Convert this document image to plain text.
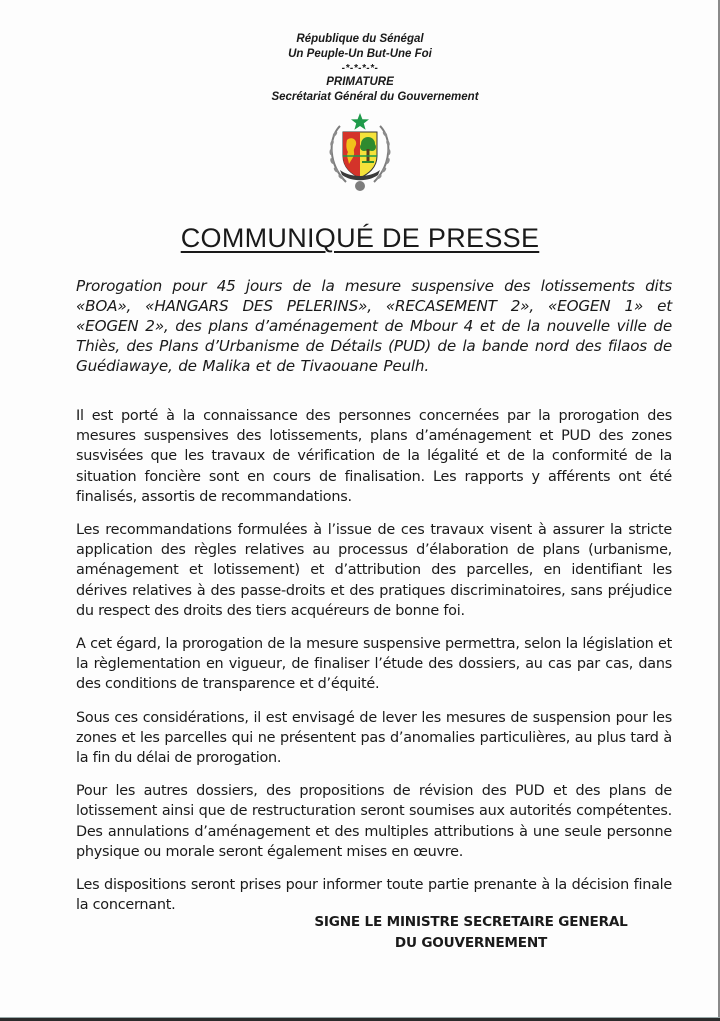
République du Sénégal
Un Peuple-Un But-Une Foi
-*-*-*-*-
PRIMATURE
Secrétariat Général du Gouvernement
COMMUNIQUÉ DE PRESSE
Prorogation pour 45 jours de la mesure suspensive des lotissements dits «BOA», «HANGARS DES PELERINS», «RECASEMENT 2», «EOGEN 1» et «EOGEN 2», des plans d’aménagement de Mbour 4 et de la nouvelle ville de Thiès, des Plans d’Urbanisme de Détails (PUD) de la bande nord des filaos de Guédiawaye, de Malika et de Tivaouane Peulh.

Il est porté à la connaissance des personnes concernées par la prorogation des mesures suspensives des lotissements, plans d’aménagement et PUD des zones susvisées que les travaux de vérification de la légalité et de la conformité de la situation foncière sont en cours de finalisation. Les rapports y afférents ont été finalisés, assortis de recommandations.

Les recommandations formulées à l’issue de ces travaux visent à assurer la stricte application des règles relatives au processus d’élaboration de plans (urbanisme, aménagement et lotissement) et d’attribution des parcelles, en identifiant les dérives relatives à des passe-droits et des pratiques discriminatoires, sans préjudice du respect des droits des tiers acquéreurs de bonne foi.

A cet égard, la prorogation de la mesure suspensive permettra, selon la législation et la règlementation en vigueur, de finaliser l’étude des dossiers, au cas par cas, dans des conditions de transparence et d’équité.

Sous ces considérations, il est envisagé de lever les mesures de suspension pour les zones et les parcelles qui ne présentent pas d’anomalies particulières, au plus tard à la fin du délai de prorogation.

Pour les autres dossiers, des propositions de révision des PUD et des plans de lotissement ainsi que de restructuration seront soumises aux autorités compétentes. Des annulations d’aménagement et des multiples attributions à une seule personne physique ou morale seront également mises en œuvre.

Les dispositions seront prises pour informer toute partie prenante à la décision finale la concernant.

SIGNE LE MINISTRE SECRETAIRE GENERAL
DU GOUVERNEMENT
